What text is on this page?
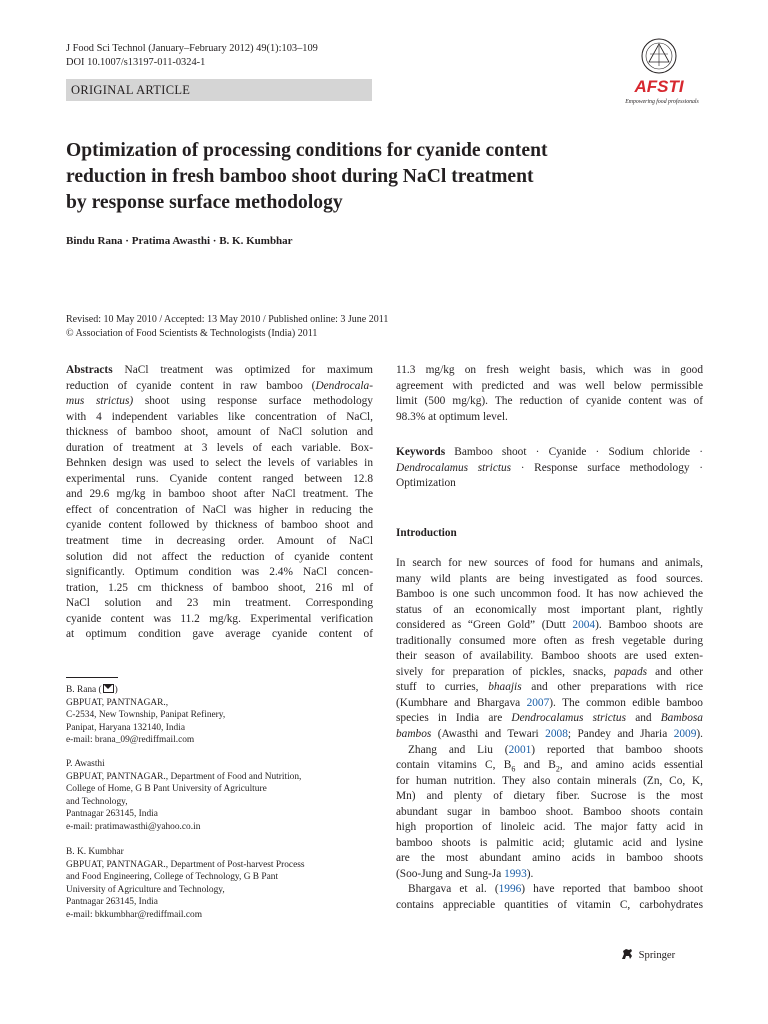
J Food Sci Technol (January–February 2012) 49(1):103–109
DOI 10.1007/s13197-011-0324-1
ORIGINAL ARTICLE	AFSTI
Empowering food professionals
Optimization of processing conditions for cyanide content
reduction in fresh bamboo shoot during NaCl treatment
by response surface methodology
Bindu Rana · Pratima Awasthi · B. K. Kumbhar
Revised: 10 May 2010 / Accepted: 13 May 2010 / Published online: 3 June 2011
© Association of Food Scientists & Technologists (India) 2011
Abstracts NaCl treatment was optimized for maximum
reduction of cyanide content in raw bamboo (Dendrocala-
mus strictus) shoot using response surface methodology
with 4 independent variables like concentration of NaCl,
thickness of bamboo shoot, amount of NaCl solution and
duration of treatment at 3 levels of each variable. Box-
Behnken design was used to select the levels of variables in
experimental runs. Cyanide content ranged between 12.8
and 29.6 mg/kg in bamboo shoot after NaCl treatment. The
effect of concentration of NaCl was higher in reducing the
cyanide content followed by thickness of bamboo shoot and
treatment time in decreasing order. Amount of NaCl
solution did not affect the reduction of cyanide content
significantly. Optimum condition was 2.4% NaCl concen-
tration, 1.25 cm thickness of bamboo shoot, 216 ml of
NaCl solution and 23 min treatment. Corresponding
cyanide content was 11.2 mg/kg. Experimental verification
at optimum condition gave average cyanide content of
B. Rana ( )
GBPUAT, PANTNAGAR.,
C-2534, New Township, Panipat Refinery,
Panipat, Haryana 132140, India
e-mail: brana_09@rediffmail.com
P. Awasthi
GBPUAT, PANTNAGAR., Department of Food and Nutrition,
College of Home, G B Pant University of Agriculture
and Technology,
Pantnagar 263145, India
e-mail: pratimawasthi@yahoo.co.in
B. K. Kumbhar
GBPUAT, PANTNAGAR., Department of Post-harvest Process
and Food Engineering, College of Technology, G B Pant
University of Agriculture and Technology,
Pantnagar 263145, India
e-mail: bkkumbhar@rediffmail.com
11.3 mg/kg on fresh weight basis, which was in good
agreement with predicted and was well below permissible
limit (500 mg/kg). The reduction of cyanide content was of
98.3% at optimum level.
Keywords Bamboo shoot · Cyanide · Sodium chloride ·
Dendrocalamus strictus · Response surface methodology ·
Optimization
Introduction
In search for new sources of food for humans and animals,
many wild plants are being investigated as food sources.
Bamboo is one such uncommon food. It has now achieved the
status of an economically most important plant, rightly
considered as “Green Gold” (Dutt 2004). Bamboo shoots are
traditionally consumed more often as fresh vegetable during
their season of availability. Bamboo shoots are used exten-
sively for preparation of pickles, snacks, papads and other
stuff to curries, bhaajis and other preparations with rice
(Kumbhare and Bhargava 2007). The common edible bamboo
species in India are Dendrocalamus strictus and Bambosa
bambos (Awasthi and Tewari 2008; Pandey and Jharia 2009).
Zhang and Liu (2001) reported that bamboo shoots
contain vitamins C, $B_6$ and $B_2$, and amino acids essential
for human nutrition. They also contain minerals (Zn, Co, K,
Mn) and plenty of dietary fiber. Sucrose is the most
abundant sugar in bamboo shoot. Bamboo shoots contain
high proportion of linoleic acid. The major fatty acid in
bamboo shoots is palmitic acid; glutamic acid and lysine
are the most abundant amino acids in bamboo shoots
(Soo-Jung and Sung-Ja 1993).
Bhargava et al. (1996) have reported that bamboo shoot
contains appreciable quantities of vitamin C, carbohydrates
Springer
